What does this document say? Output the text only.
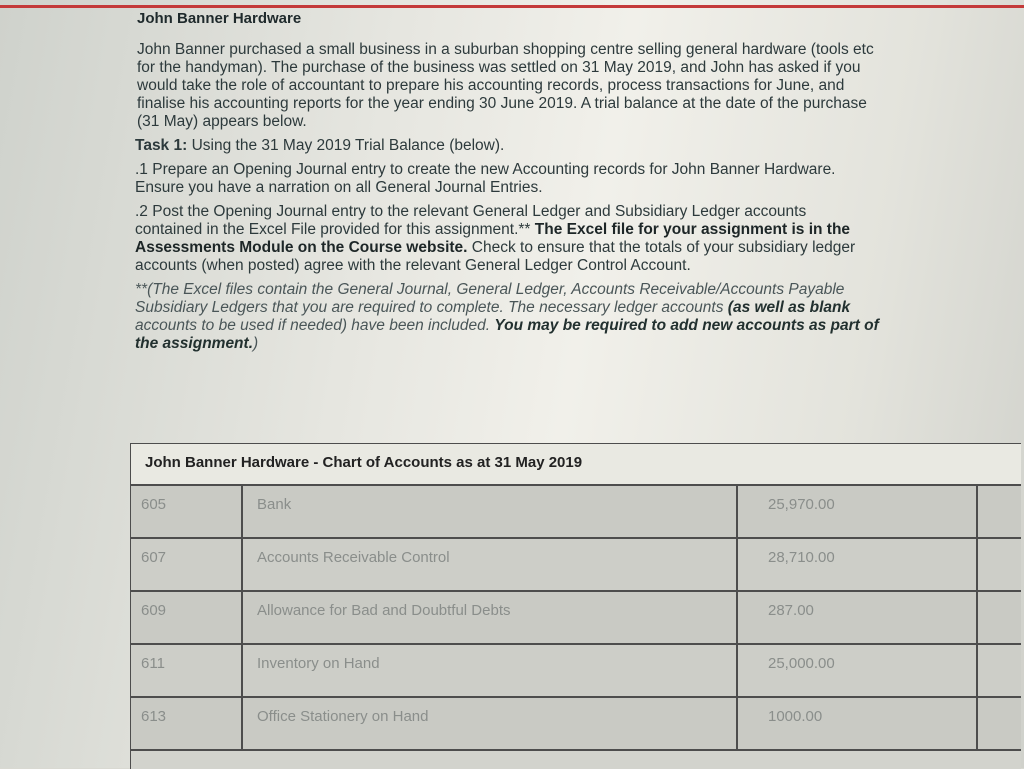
John Banner Hardware
John Banner purchased a small business in a suburban shopping centre selling general hardware (tools etc
for the handyman). The purchase of the business was settled on 31 May 2019, and John has asked if you
would take the role of accountant to prepare his accounting records, process transactions for June, and
finalise his accounting reports for the year ending 30 June 2019. A trial balance at the date of the purchase
(31 May) appears below.
Task 1: Using the 31 May 2019 Trial Balance (below).
.1 Prepare an Opening Journal entry to create the new Accounting records for John Banner Hardware.
Ensure you have a narration on all General Journal Entries.
.2 Post the Opening Journal entry to the relevant General Ledger and Subsidiary Ledger accounts
contained in the Excel File provided for this assignment.** The Excel file for your assignment is in the
Assessments Module on the Course website. Check to ensure that the totals of your subsidiary ledger
accounts (when posted) agree with the relevant General Ledger Control Account.
**(The Excel files contain the General Journal, General Ledger, Accounts Receivable/Accounts Payable
Subsidiary Ledgers that you are required to complete. The necessary ledger accounts (as well as blank
accounts to be used if needed) have been included. You may be required to add new accounts as part of
the assignment.)
John Banner Hardware - Chart of Accounts as at 31 May 2019
605	Bank	25,970.00
607	Accounts Receivable Control	28,710.00
609	Allowance for Bad and Doubtful Debts	287.00
611	Inventory on Hand	25,000.00
613	Office Stationery on Hand	1000.00
